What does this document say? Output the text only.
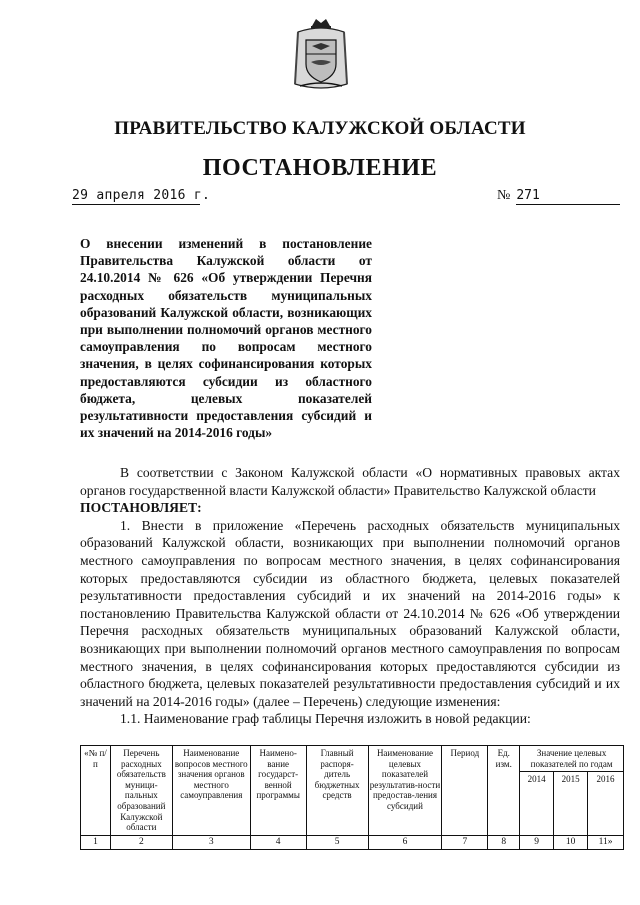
ПРАВИТЕЛЬСТВО КАЛУЖСКОЙ ОБЛАСТИ
ПОСТАНОВЛЕНИЕ
29 апреля 2016 г.	№ 271
О внесении изменений в постановление Правительства Калужской области от 24.10.2014 № 626 «Об утверждении Перечня расходных обязательств муниципальных образований Калужской области, возникающих при выполнении полномочий органов местного самоуправления по вопросам местного значения, в целях софинансирования которых предоставляются субсидии из областного бюджета, целевых показателей результативности предоставления субсидий и их значений на 2014-2016 годы»

В соответствии с Законом Калужской области «О нормативных правовых актах органов государственной власти Калужской области» Правительство Калужской области

ПОСТАНОВЛЯЕТ:

1. Внести в приложение «Перечень расходных обязательств муниципальных образований Калужской области, возникающих при выполнении полномочий органов местного самоуправления по вопросам местного значения, в целях софинансирования которых предоставляются субсидии из областного бюджета, целевых показателей результативности предоставления субсидий и их значений на 2014-2016 годы» к постановлению Правительства Калужской области от 24.10.2014 № 626 «Об утверждении Перечня расходных обязательств муниципальных образований Калужской области, возникающих при выполнении полномочий органов местного самоуправления по вопросам местного значения, в целях софинансирования которых предоставляются субсидии из областного бюджета, целевых показателей результативности предоставления субсидий и их значений на 2014-2016 годы» (далее – Перечень) следующие изменения:

1.1. Наименование граф таблицы Перечня изложить в новой редакции:

«№ п/п	Перечень расходных обязательств муници-пальных образований Калужской области	Наименование вопросов местного значения органов местного самоуправления	Наимено-вание государст-венной программы	Главный распоря-дитель бюджетных средств	Наименование целевых показателей результатив-ности предостав-ления субсидий	Период	Ед. изм.	Значение целевых показателей по годам		
								2014	2015	2016
1	2	3	4	5	6	7	8	9	10	11»
